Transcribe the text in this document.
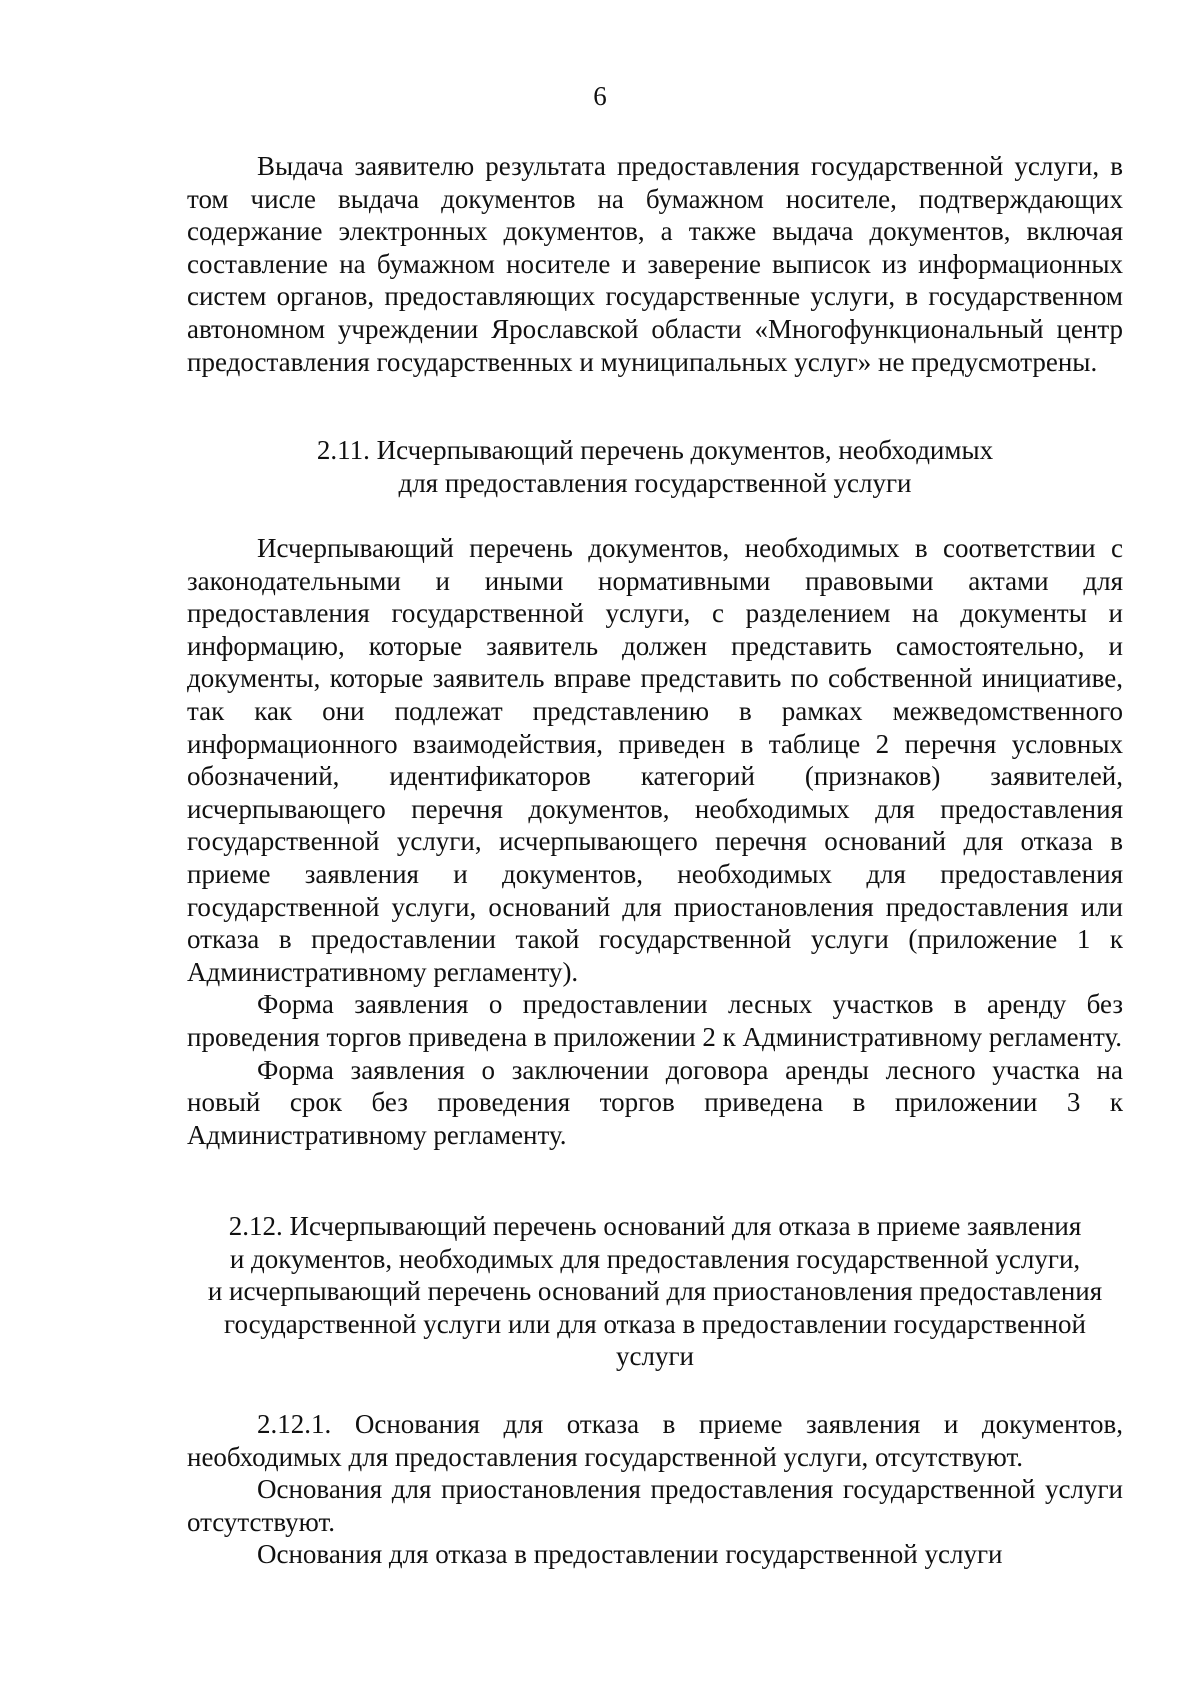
6

Выдача заявителю результата предоставления государственной услуги, в том числе выдача документов на бумажном носителе, подтверждающих содержание электронных документов, а также выдача документов, включая составление на бумажном носителе и заверение выписок из информационных систем органов, предоставляющих государственные услуги, в государственном автономном учреждении Ярославской области «Многофункциональный центр предоставления государственных и муниципальных услуг» не предусмотрены.

2.11. Исчерпывающий перечень документов, необходимых
для предоставления государственной услуги

Исчерпывающий перечень документов, необходимых в соответствии с законодательными и иными нормативными правовыми актами для предоставления государственной услуги, с разделением на документы и информацию, которые заявитель должен представить самостоятельно, и документы, которые заявитель вправе представить по собственной инициативе, так как они подлежат представлению в рамках межведомственного информационного взаимодействия, приведен в таблице 2 перечня условных обозначений, идентификаторов категорий (признаков) заявителей, исчерпывающего перечня документов, необходимых для предоставления государственной услуги, исчерпывающего перечня оснований для отказа в приеме заявления и документов, необходимых для предоставления государственной услуги, оснований для приостановления предоставления или отказа в предоставлении такой государственной услуги (приложение 1 к Административному регламенту).

Форма заявления о предоставлении лесных участков в аренду без проведения торгов приведена в приложении 2 к Административному регламенту.

Форма заявления о заключении договора аренды лесного участка на новый срок без проведения торгов приведена в приложении 3 к Административному регламенту.

2.12. Исчерпывающий перечень оснований для отказа в приеме заявления
и документов, необходимых для предоставления государственной услуги,
и исчерпывающий перечень оснований для приостановления предоставления
государственной услуги или для отказа в предоставлении государственной
услуги

2.12.1. Основания для отказа в приеме заявления и документов, необходимых для предоставления государственной услуги, отсутствуют.

Основания для приостановления предоставления государственной услуги отсутствуют.

Основания для отказа в предоставлении государственной услуги
